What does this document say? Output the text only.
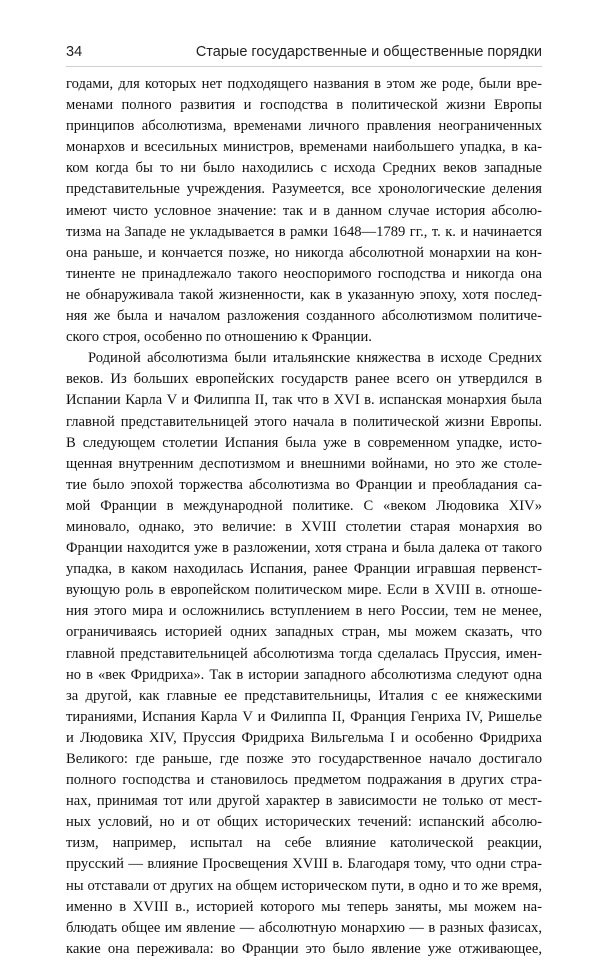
34	Старые государственные и общественные порядки
годами, для которых нет подходящего названия в этом же роде, были вре-
менами полного развития и господства в политической жизни Европы
принципов абсолютизма, временами личного правления неограниченных
монархов и всесильных министров, временами наибольшего упадка, в ка-
ком когда бы то ни было находились с исхода Средних веков западные
представительные учреждения. Разумеется, все хронологические деления
имеют чисто условное значение: так и в данном случае история абсолю-
тизма на Западе не укладывается в рамки 1648—1789 гг., т. к. и начинается
она раньше, и кончается позже, но никогда абсолютной монархии на кон-
тиненте не принадлежало такого неоспоримого господства и никогда она
не обнаруживала такой жизненности, как в указанную эпоху, хотя послед-
няя же была и началом разложения созданного абсолютизмом политиче-
ского строя, особенно по отношению к Франции.
Родиной абсолютизма были итальянские княжества в исходе Средних
веков. Из больших европейских государств ранее всего он утвердился в
Испании Карла V и Филиппа II, так что в XVI в. испанская монархия была
главной представительницей этого начала в политической жизни Европы.
В следующем столетии Испания была уже в современном упадке, исто-
щенная внутренним деспотизмом и внешними войнами, но это же столе-
тие было эпохой торжества абсолютизма во Франции и преобладания са-
мой Франции в международной политике. С «веком Людовика XIV»
миновало, однако, это величие: в XVIII столетии старая монархия во
Франции находится уже в разложении, хотя страна и была далека от такого
упадка, в каком находилась Испания, ранее Франции игравшая первенст-
вующую роль в европейском политическом мире. Если в XVIII в. отноше-
ния этого мира и осложнились вступлением в него России, тем не менее,
ограничиваясь историей одних западных стран, мы можем сказать, что
главной представительницей абсолютизма тогда сделалась Пруссия, имен-
но в «век Фридриха». Так в истории западного абсолютизма следуют одна
за другой, как главные ее представительницы, Италия с ее княжескими
тираниями, Испания Карла V и Филиппа II, Франция Генриха IV, Ришелье
и Людовика XIV, Пруссия Фридриха Вильгельма I и особенно Фридриха
Великого: где раньше, где позже это государственное начало достигало
полного господства и становилось предметом подражания в других стра-
нах, принимая тот или другой характер в зависимости не только от мест-
ных условий, но и от общих исторических течений: испанский абсолю-
тизм, например, испытал на себе влияние католической реакции,
прусский — влияние Просвещения XVIII в. Благодаря тому, что одни стра-
ны отставали от других на общем историческом пути, в одно и то же время,
именно в XVIII в., историей которого мы теперь заняты, мы можем на-
блюдать общее им явление — абсолютную монархию — в разных фазисах,
какие она переживала: во Франции это было явление уже отживающее,
